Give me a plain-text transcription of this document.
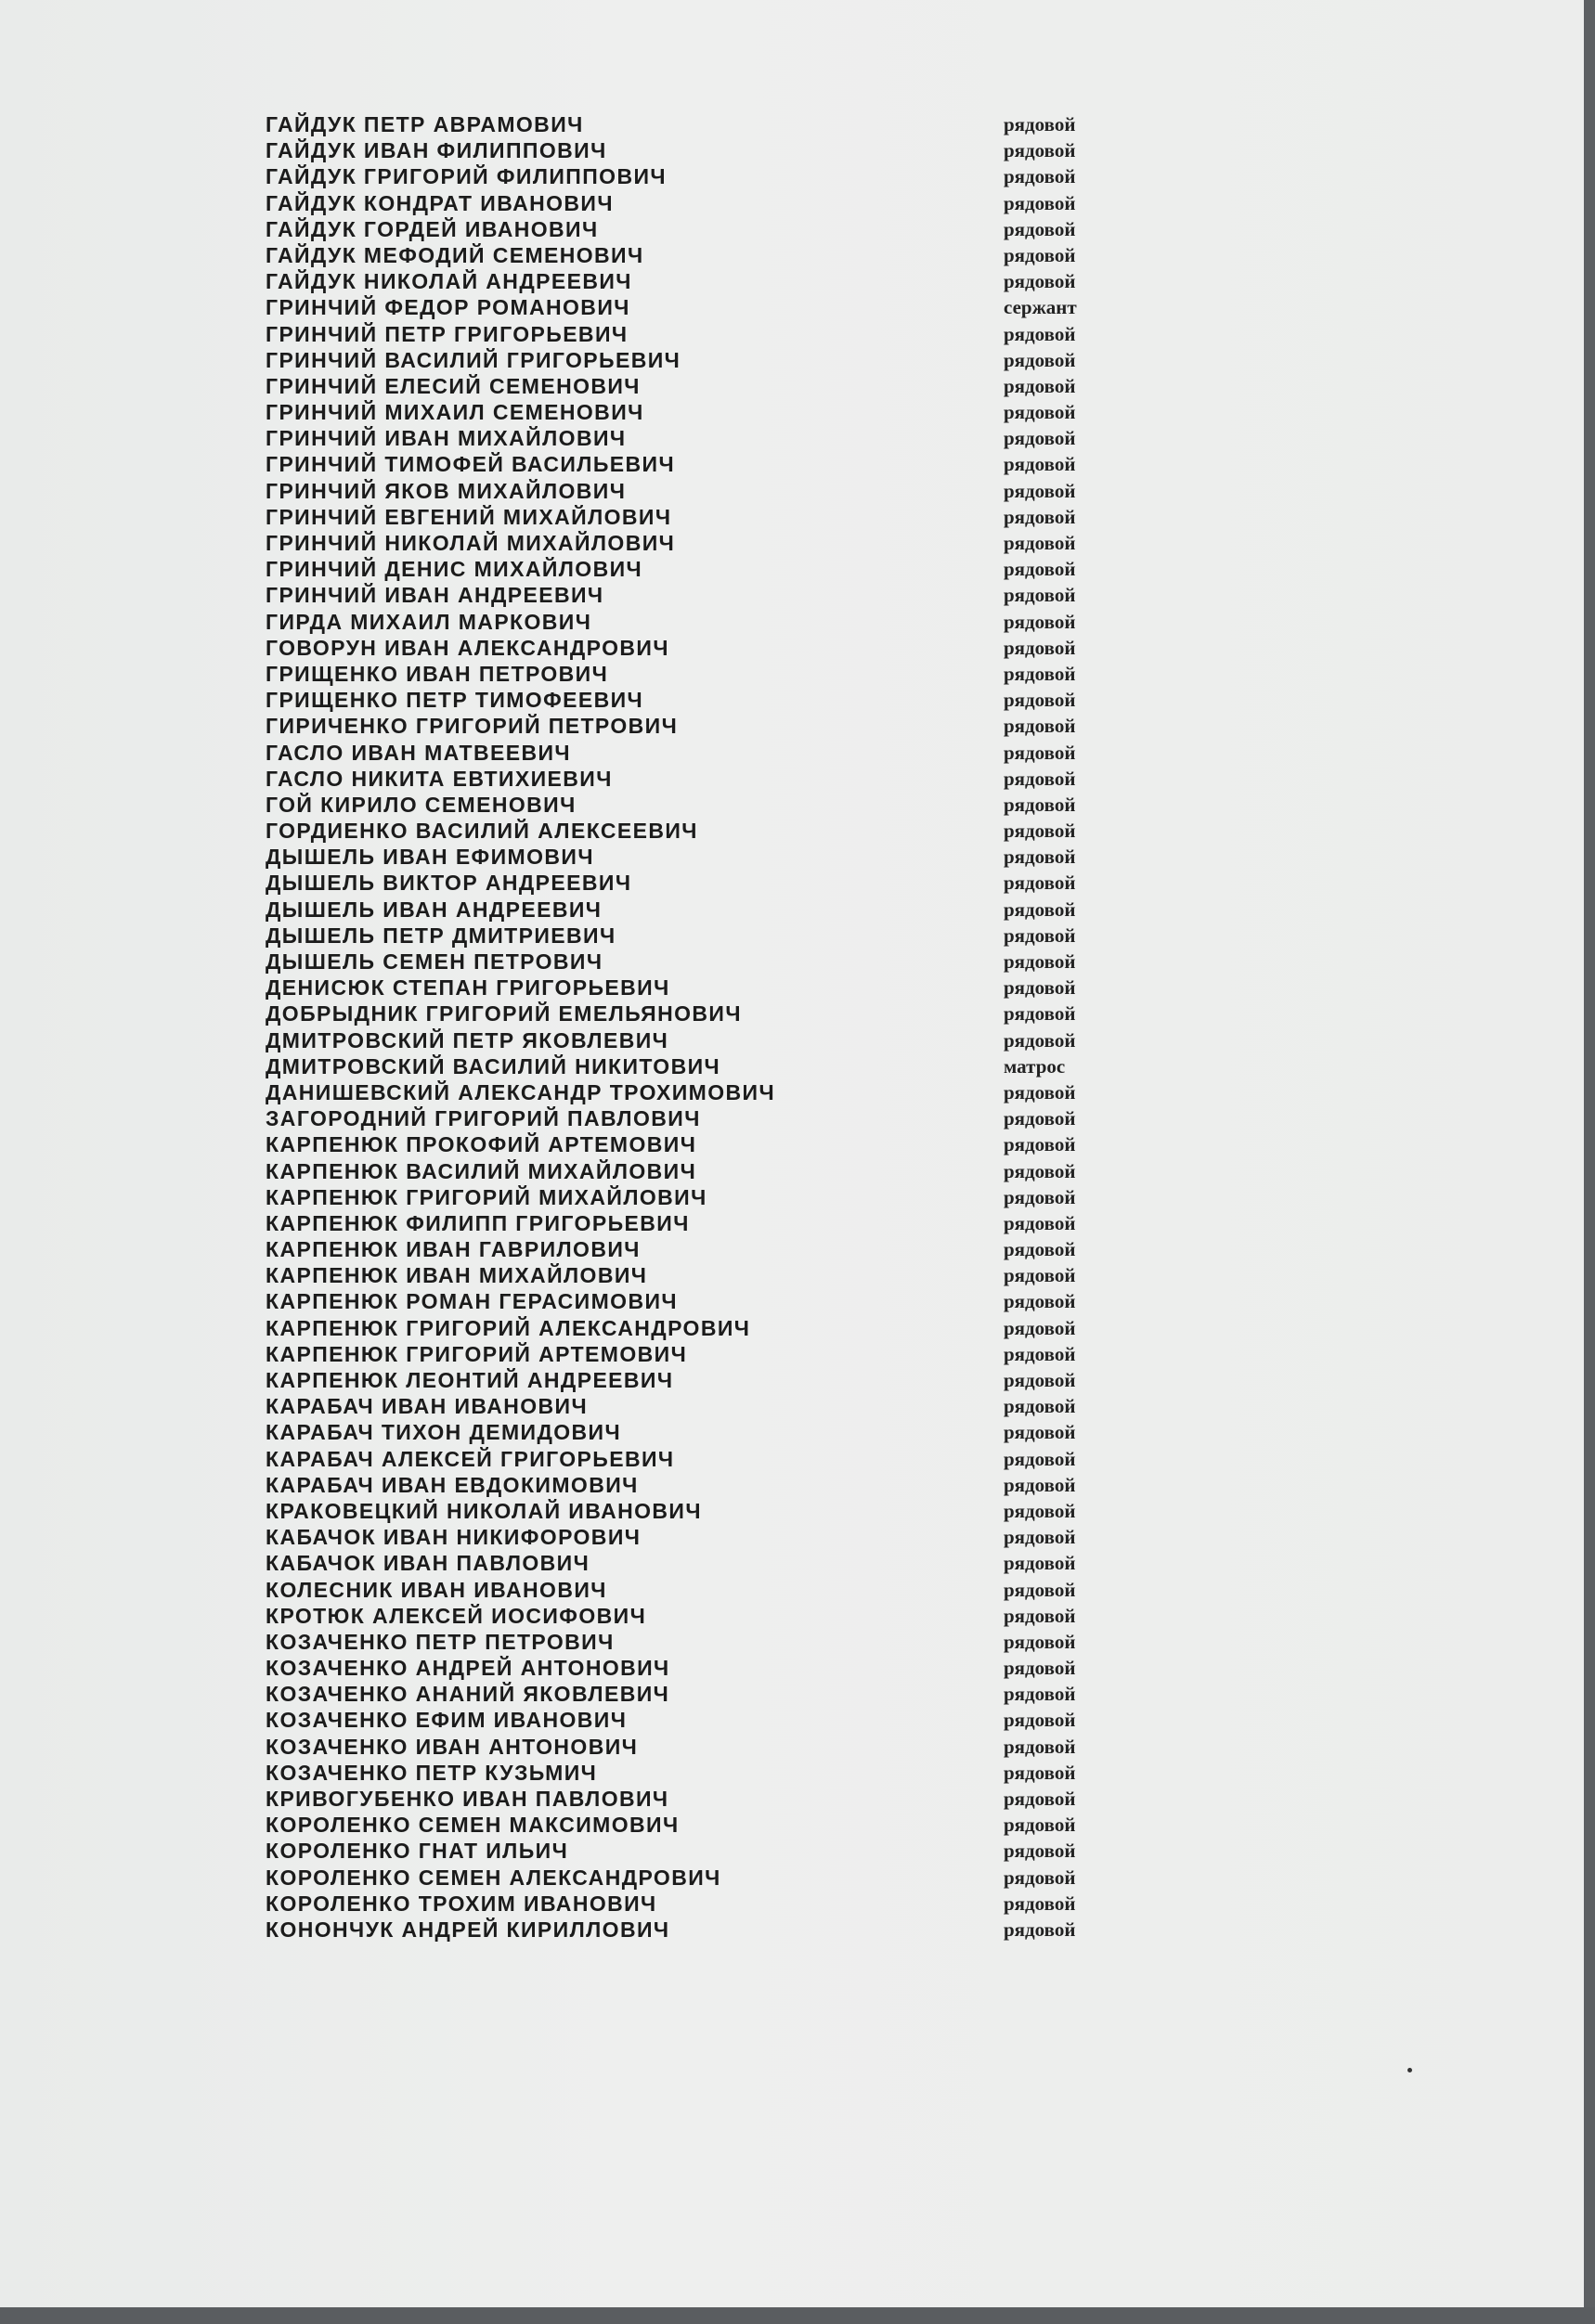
ГАЙДУК ПЕТР АВРАМОВИЧ	рядовой
ГАЙДУК ИВАН ФИЛИППОВИЧ	рядовой
ГАЙДУК ГРИГОРИЙ ФИЛИППОВИЧ	рядовой
ГАЙДУК КОНДРАТ ИВАНОВИЧ	рядовой
ГАЙДУК ГОРДЕЙ ИВАНОВИЧ	рядовой
ГАЙДУК МЕФОДИЙ СЕМЕНОВИЧ	рядовой
ГАЙДУК НИКОЛАЙ АНДРЕЕВИЧ	рядовой
ГРИНЧИЙ ФЕДОР РОМАНОВИЧ	сержант
ГРИНЧИЙ ПЕТР ГРИГОРЬЕВИЧ	рядовой
ГРИНЧИЙ ВАСИЛИЙ ГРИГОРЬЕВИЧ	рядовой
ГРИНЧИЙ ЕЛЕСИЙ СЕМЕНОВИЧ	рядовой
ГРИНЧИЙ МИХАИЛ СЕМЕНОВИЧ	рядовой
ГРИНЧИЙ ИВАН МИХАЙЛОВИЧ	рядовой
ГРИНЧИЙ ТИМОФЕЙ ВАСИЛЬЕВИЧ	рядовой
ГРИНЧИЙ ЯКОВ МИХАЙЛОВИЧ	рядовой
ГРИНЧИЙ ЕВГЕНИЙ МИХАЙЛОВИЧ	рядовой
ГРИНЧИЙ НИКОЛАЙ МИХАЙЛОВИЧ	рядовой
ГРИНЧИЙ ДЕНИС МИХАЙЛОВИЧ	рядовой
ГРИНЧИЙ ИВАН АНДРЕЕВИЧ	рядовой
ГИРДА МИХАИЛ МАРКОВИЧ	рядовой
ГОВОРУН ИВАН АЛЕКСАНДРОВИЧ	рядовой
ГРИЩЕНКО ИВАН ПЕТРОВИЧ	рядовой
ГРИЩЕНКО ПЕТР ТИМОФЕЕВИЧ	рядовой
ГИРИЧЕНКО ГРИГОРИЙ ПЕТРОВИЧ	рядовой
ГАСЛО ИВАН МАТВЕЕВИЧ	рядовой
ГАСЛО НИКИТА ЕВТИХИЕВИЧ	рядовой
ГОЙ КИРИЛО СЕМЕНОВИЧ	рядовой
ГОРДИЕНКО ВАСИЛИЙ АЛЕКСЕЕВИЧ	рядовой
ДЫШЕЛЬ ИВАН ЕФИМОВИЧ	рядовой
ДЫШЕЛЬ ВИКТОР АНДРЕЕВИЧ	рядовой
ДЫШЕЛЬ ИВАН АНДРЕЕВИЧ	рядовой
ДЫШЕЛЬ ПЕТР ДМИТРИЕВИЧ	рядовой
ДЫШЕЛЬ СЕМЕН ПЕТРОВИЧ	рядовой
ДЕНИСЮК СТЕПАН ГРИГОРЬЕВИЧ	рядовой
ДОБРЫДНИК ГРИГОРИЙ ЕМЕЛЬЯНОВИЧ	рядовой
ДМИТРОВСКИЙ ПЕТР ЯКОВЛЕВИЧ	рядовой
ДМИТРОВСКИЙ ВАСИЛИЙ НИКИТОВИЧ	матрос
ДАНИШЕВСКИЙ АЛЕКСАНДР ТРОХИМОВИЧ	рядовой
ЗАГОРОДНИЙ ГРИГОРИЙ ПАВЛОВИЧ	рядовой
КАРПЕНЮК ПРОКОФИЙ АРТЕМОВИЧ	рядовой
КАРПЕНЮК ВАСИЛИЙ МИХАЙЛОВИЧ	рядовой
КАРПЕНЮК ГРИГОРИЙ МИХАЙЛОВИЧ	рядовой
КАРПЕНЮК ФИЛИПП ГРИГОРЬЕВИЧ	рядовой
КАРПЕНЮК ИВАН ГАВРИЛОВИЧ	рядовой
КАРПЕНЮК ИВАН МИХАЙЛОВИЧ	рядовой
КАРПЕНЮК РОМАН ГЕРАСИМОВИЧ	рядовой
КАРПЕНЮК ГРИГОРИЙ АЛЕКСАНДРОВИЧ	рядовой
КАРПЕНЮК ГРИГОРИЙ АРТЕМОВИЧ	рядовой
КАРПЕНЮК ЛЕОНТИЙ АНДРЕЕВИЧ	рядовой
КАРАБАЧ ИВАН ИВАНОВИЧ	рядовой
КАРАБАЧ ТИХОН ДЕМИДОВИЧ	рядовой
КАРАБАЧ АЛЕКСЕЙ ГРИГОРЬЕВИЧ	рядовой
КАРАБАЧ ИВАН ЕВДОКИМОВИЧ	рядовой
КРАКОВЕЦКИЙ НИКОЛАЙ ИВАНОВИЧ	рядовой
КАБАЧОК ИВАН НИКИФОРОВИЧ	рядовой
КАБАЧОК ИВАН ПАВЛОВИЧ	рядовой
КОЛЕСНИК ИВАН ИВАНОВИЧ	рядовой
КРОТЮК АЛЕКСЕЙ ИОСИФОВИЧ	рядовой
КОЗАЧЕНКО ПЕТР ПЕТРОВИЧ	рядовой
КОЗАЧЕНКО АНДРЕЙ АНТОНОВИЧ	рядовой
КОЗАЧЕНКО АНАНИЙ ЯКОВЛЕВИЧ	рядовой
КОЗАЧЕНКО ЕФИМ ИВАНОВИЧ	рядовой
КОЗАЧЕНКО ИВАН АНТОНОВИЧ	рядовой
КОЗАЧЕНКО ПЕТР КУЗЬМИЧ	рядовой
КРИВОГУБЕНКО ИВАН ПАВЛОВИЧ	рядовой
КОРОЛЕНКО СЕМЕН МАКСИМОВИЧ	рядовой
КОРОЛЕНКО ГНАТ ИЛЬИЧ	рядовой
КОРОЛЕНКО СЕМЕН АЛЕКСАНДРОВИЧ	рядовой
КОРОЛЕНКО ТРОХИМ ИВАНОВИЧ	рядовой
КОНОНЧУК АНДРЕЙ КИРИЛЛОВИЧ	рядовой
